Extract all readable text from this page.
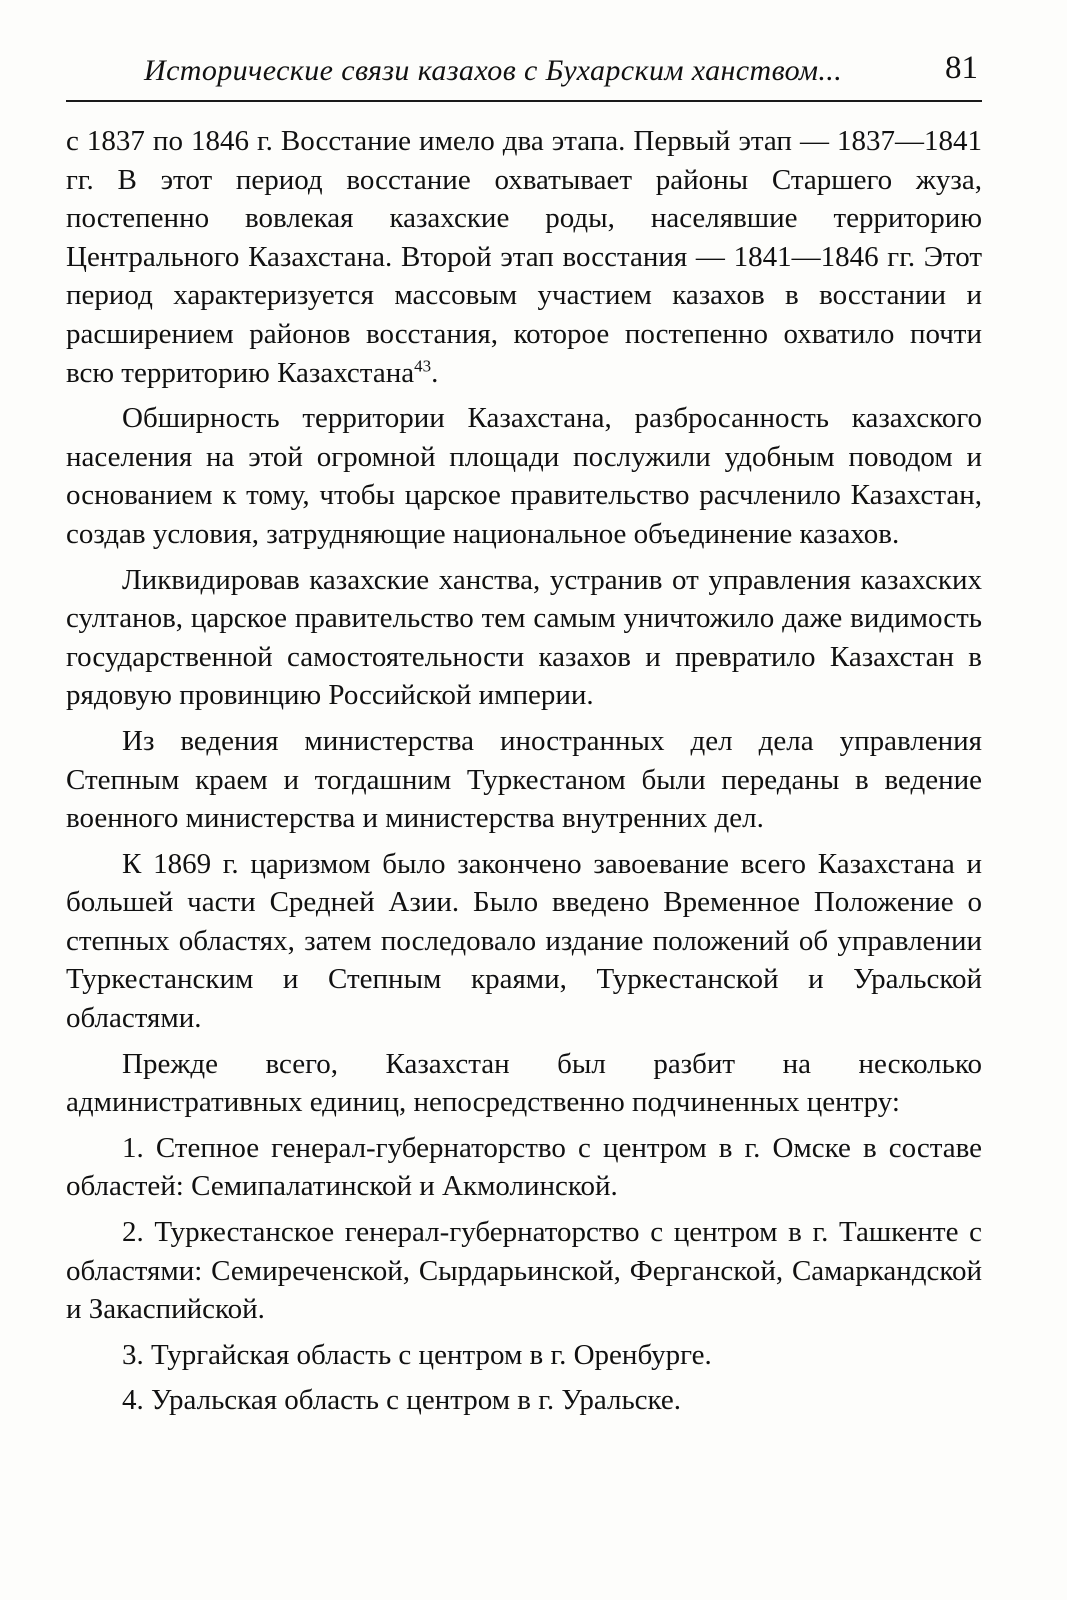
Исторические связи казахов с Бухарским ханством...	81

с 1837 по 1846 г. Восстание имело два этапа. Первый этап — 1837—1841 гг. В этот период восстание охватывает районы Старшего жуза, постепенно вовлекая казахские роды, населявшие территорию Центрального Казахстана. Второй этап восстания — 1841—1846 гг. Этот период характеризуется массовым участием казахов в восстании и расширением районов восстания, которое постепенно охватило почти всю территорию Казахстана$^{43}$.

Обширность территории Казахстана, разбросанность казахского населения на этой огромной площади послужили удобным поводом и основанием к тому, чтобы царское правительство расчленило Казахстан, создав условия, затрудняющие национальное объединение казахов.

Ликвидировав казахские ханства, устранив от управления казахских султанов, царское правительство тем самым уничтожило даже видимость государственной самостоятельности казахов и превратило Казахстан в рядовую провинцию Российской империи.

Из ведения министерства иностранных дел дела управления Степным краем и тогдашним Туркестаном были переданы в ведение военного министерства и министерства внутренних дел.

К 1869 г. царизмом было закончено завоевание всего Казахстана и большей части Средней Азии. Было введено Временное Положение о степных областях, затем последовало издание положений об управлении Туркестанским и Степным краями, Туркестанской и Уральской областями.

Прежде всего, Казахстан был разбит на несколько административных единиц, непосредственно подчиненных центру:

1. Степное генерал-губернаторство с центром в г. Омске в составе областей: Семипалатинской и Акмолинской.
2. Туркестанское генерал-губернаторство с центром в г. Ташкенте с областями: Семиреченской, Сырдарьинской, Ферганской, Самаркандской и Закаспийской.
3. Тургайская область с центром в г. Оренбурге.
4. Уральская область с центром в г. Уральске.
